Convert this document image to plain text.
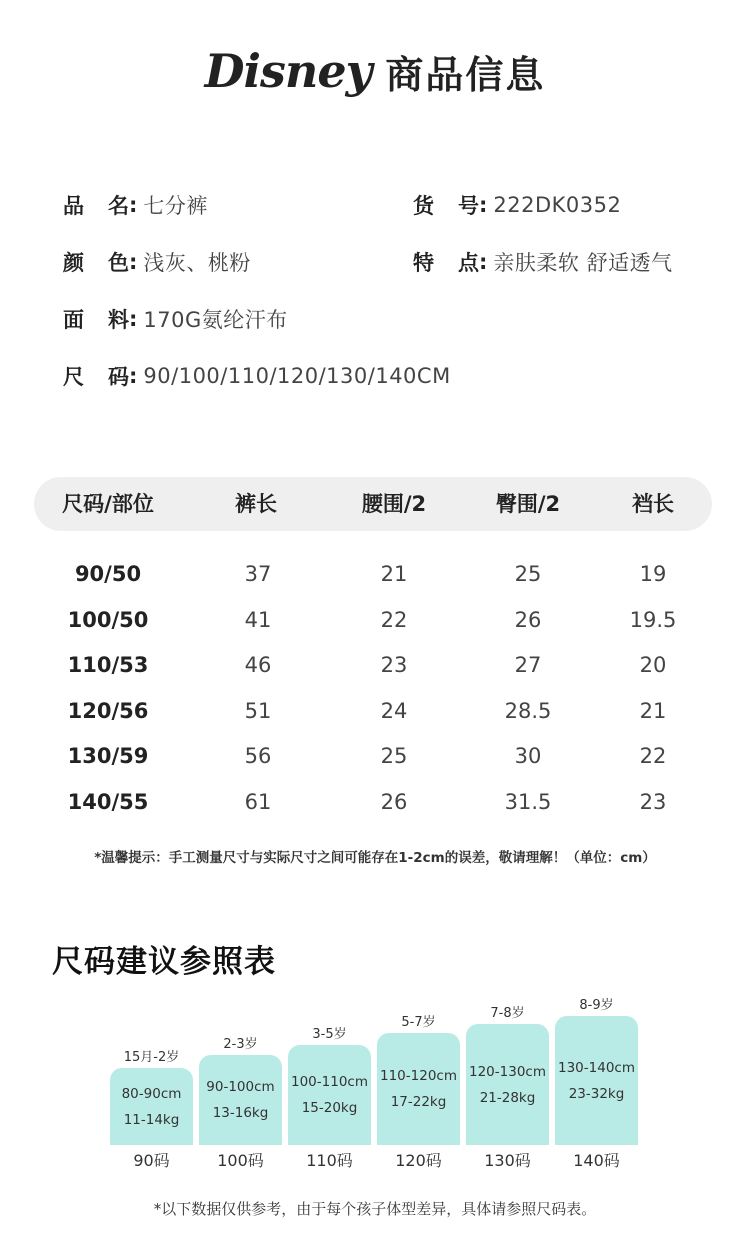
Disney 商品信息
品 名 : 七分裤	货 号 : 222DK0352
颜 色 : 浅灰、桃粉	特 点 : 亲肤柔软 舒适透气
面 料 : 170G氨纶汗布
尺 码 : 90/100/110/120/130/140CM
尺码/部位	裤长	腰围/2	臀围/2	裆长
90/50	37	21	25	19
100/50	41	22	26	19.5
110/53	46	23	27	20
120/56	51	24	28.5	21
130/59	56	25	30	22
140/55	61	26	31.5	23
*温馨提示：手工测量尺寸与实际尺寸之间可能存在1-2cm的误差，敬请理解！（单位：cm）
尺码建议参照表
80-90cm
11-14kg
15月-2岁
90码
90-100cm
13-16kg
2-3岁
100码
100-110cm
15-20kg
3-5岁
110码
110-120cm
17-22kg
5-7岁
120码
120-130cm
21-28kg
7-8岁
130码
130-140cm
23-32kg
8-9岁
140码
*以下数据仅供参考，由于每个孩子体型差异，具体请参照尺码表。
